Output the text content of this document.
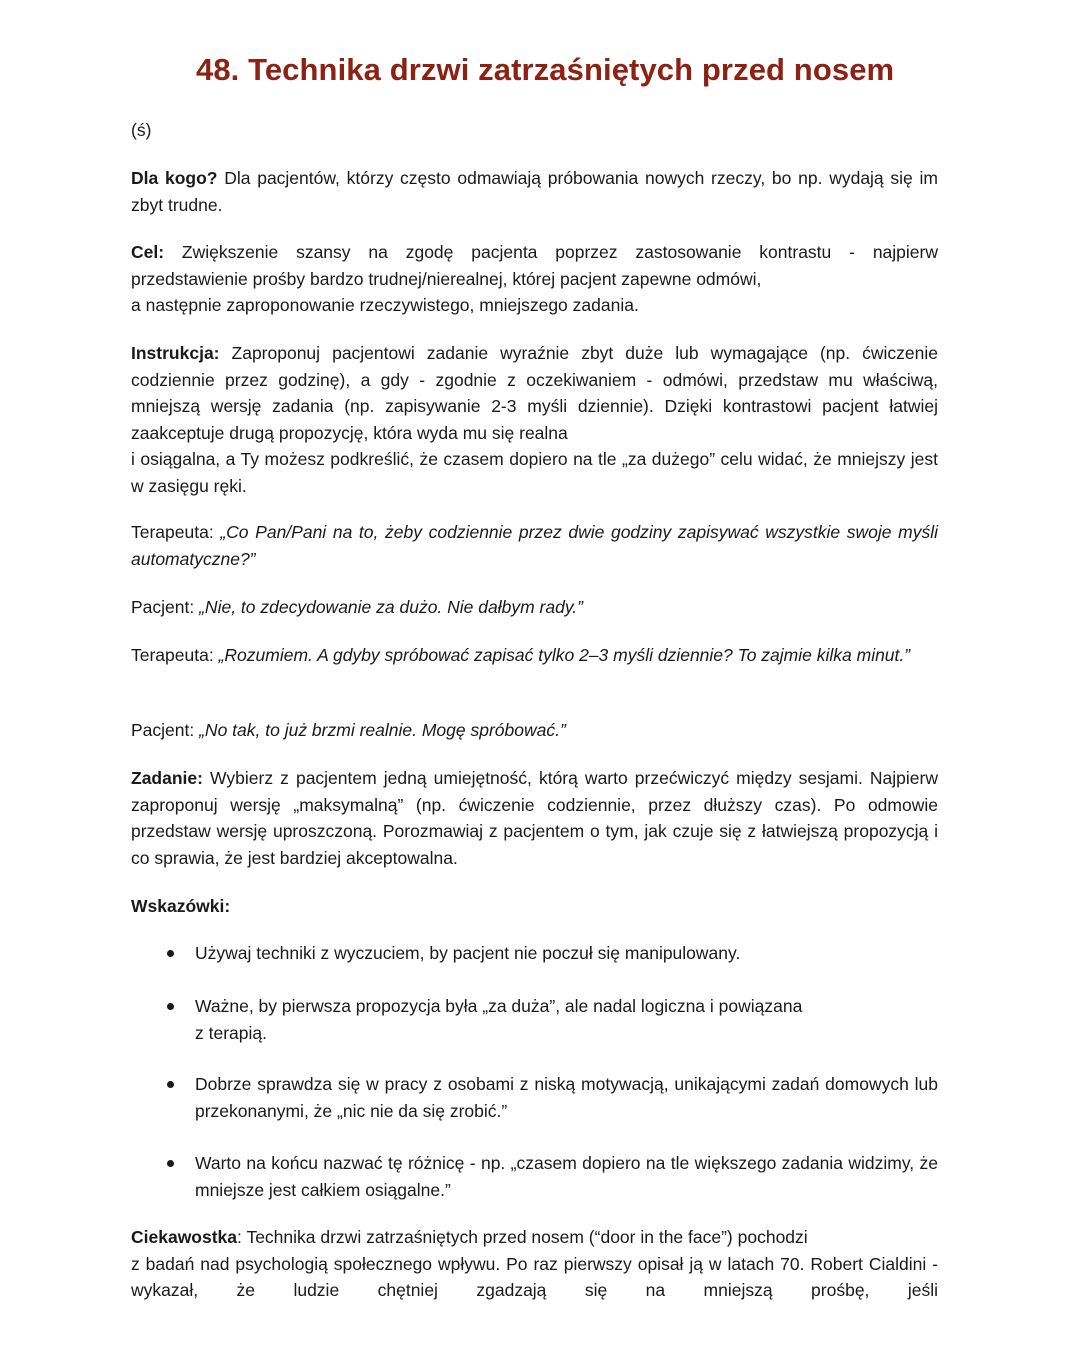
48. Technika drzwi zatrzaśniętych przed nosem

(ś)

Dla kogo? Dla pacjentów, którzy często odmawiają próbowania nowych rzeczy, bo np. wydają się im zbyt trudne.

Cel: Zwiększenie szansy na zgodę pacjenta poprzez zastosowanie kontrastu - najpierw

przedstawienie prośby bardzo trudnej/nierealnej, której pacjent zapewne odmówi,

a następnie zaproponowanie rzeczywistego, mniejszego zadania.

Instrukcja: Zaproponuj pacjentowi zadanie wyraźnie zbyt duże lub wymagające (np. ćwiczenie codziennie przez godzinę), a gdy - zgodnie z oczekiwaniem - odmówi, przedstaw mu właściwą, mniejszą wersję zadania (np. zapisywanie 2-3 myśli dziennie). Dzięki kontrastowi pacjent łatwiej zaakceptuje drugą propozycję, która wyda mu się realna

i osiągalna, a Ty możesz podkreślić, że czasem dopiero na tle „za dużego” celu widać, że mniejszy jest w zasięgu ręki.

Terapeuta: „Co Pan/Pani na to, żeby codziennie przez dwie godziny zapisywać wszystkie swoje myśli automatyczne?”

Pacjent: „Nie, to zdecydowanie za dużo. Nie dałbym rady.”

Terapeuta: „Rozumiem. A gdyby spróbować zapisać tylko 2–3 myśli dziennie? To zajmie kilka minut.”

Pacjent: „No tak, to już brzmi realnie. Mogę spróbować.”

Zadanie: Wybierz z pacjentem jedną umiejętność, którą warto przećwiczyć między sesjami. Najpierw zaproponuj wersję „maksymalną” (np. ćwiczenie codziennie, przez dłuższy czas). Po odmowie przedstaw wersję uproszczoną. Porozmawiaj z pacjentem o tym, jak czuje się z łatwiejszą propozycją i co sprawia, że jest bardziej akceptowalna.

Wskazówki:

Używaj techniki z wyczuciem, by pacjent nie poczuł się manipulowany.

Ważne, by pierwsza propozycja była „za duża”, ale nadal logiczna i powiązana

z terapią.

Dobrze sprawdza się w pracy z osobami z niską motywacją, unikającymi zadań domowych lub przekonanymi, że „nic nie da się zrobić.”

Warto na końcu nazwać tę różnicę - np. „czasem dopiero na tle większego zadania widzimy, że mniejsze jest całkiem osiągalne.”

Ciekawostka: Technika drzwi zatrzaśniętych przed nosem (“door in the face”) pochodzi

z badań nad psychologią społecznego wpływu. Po raz pierwszy opisał ją w latach 70. Robert Cialdini - wykazał, że ludzie chętniej zgadzają się na mniejszą prośbę, jeśli
